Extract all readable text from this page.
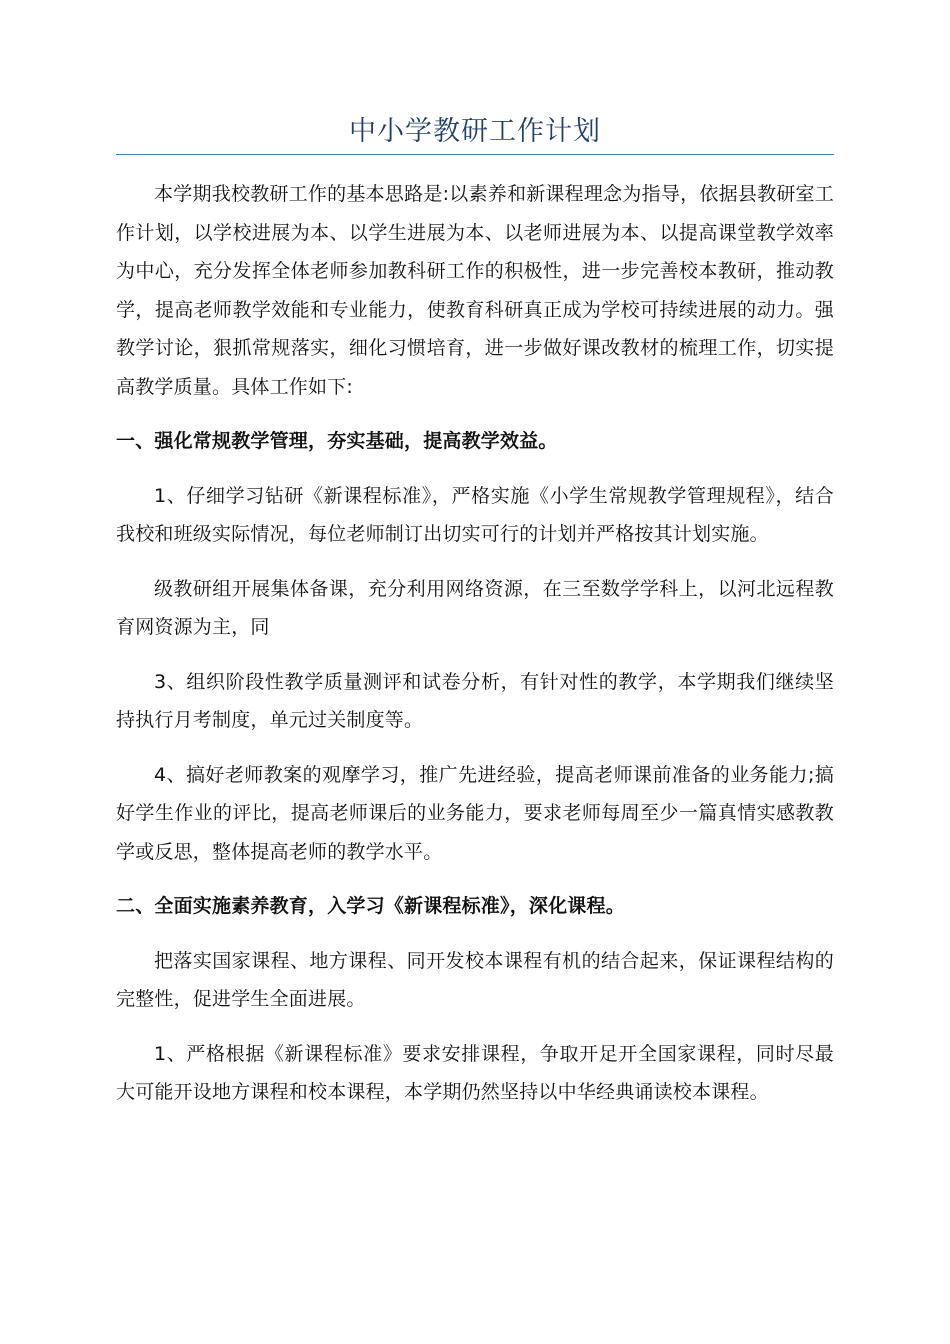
中小学教研工作计划

本学期我校教研工作的基本思路是:以素养和新课程理念为指导，依据县教研室工作计划，以学校进展为本、以学生进展为本、以老师进展为本、以提高课堂教学效率为中心，充分发挥全体老师参加教科研工作的积极性，进一步完善校本教研，推动教学，提高老师教学效能和专业能力，使教育科研真正成为学校可持续进展的动力。强教学讨论，狠抓常规落实，细化习惯培育，进一步做好课改教材的梳理工作，切实提高教学质量。具体工作如下:

一、强化常规教学管理，夯实基础，提高教学效益。

1、仔细学习钻研《新课程标准》，严格实施《小学生常规教学管理规程》，结合我校和班级实际情况，每位老师制订出切实可行的计划并严格按其计划实施。

级教研组开展集体备课，充分利用网络资源，在三至数学学科上，以河北远程教育网资源为主，同

3、组织阶段性教学质量测评和试卷分析，有针对性的教学，本学期我们继续坚持执行月考制度，单元过关制度等。

4、搞好老师教案的观摩学习，推广先进经验，提高老师课前准备的业务能力;搞好学生作业的评比，提高老师课后的业务能力，要求老师每周至少一篇真情实感教教学或反思，整体提高老师的教学水平。

二、全面实施素养教育，入学习《新课程标准》，深化课程。

把落实国家课程、地方课程、同开发校本课程有机的结合起来，保证课程结构的完整性，促进学生全面进展。

1、严格根据《新课程标准》要求安排课程，争取开足开全国家课程，同时尽最大可能开设地方课程和校本课程，本学期仍然坚持以中华经典诵读校本课程。
